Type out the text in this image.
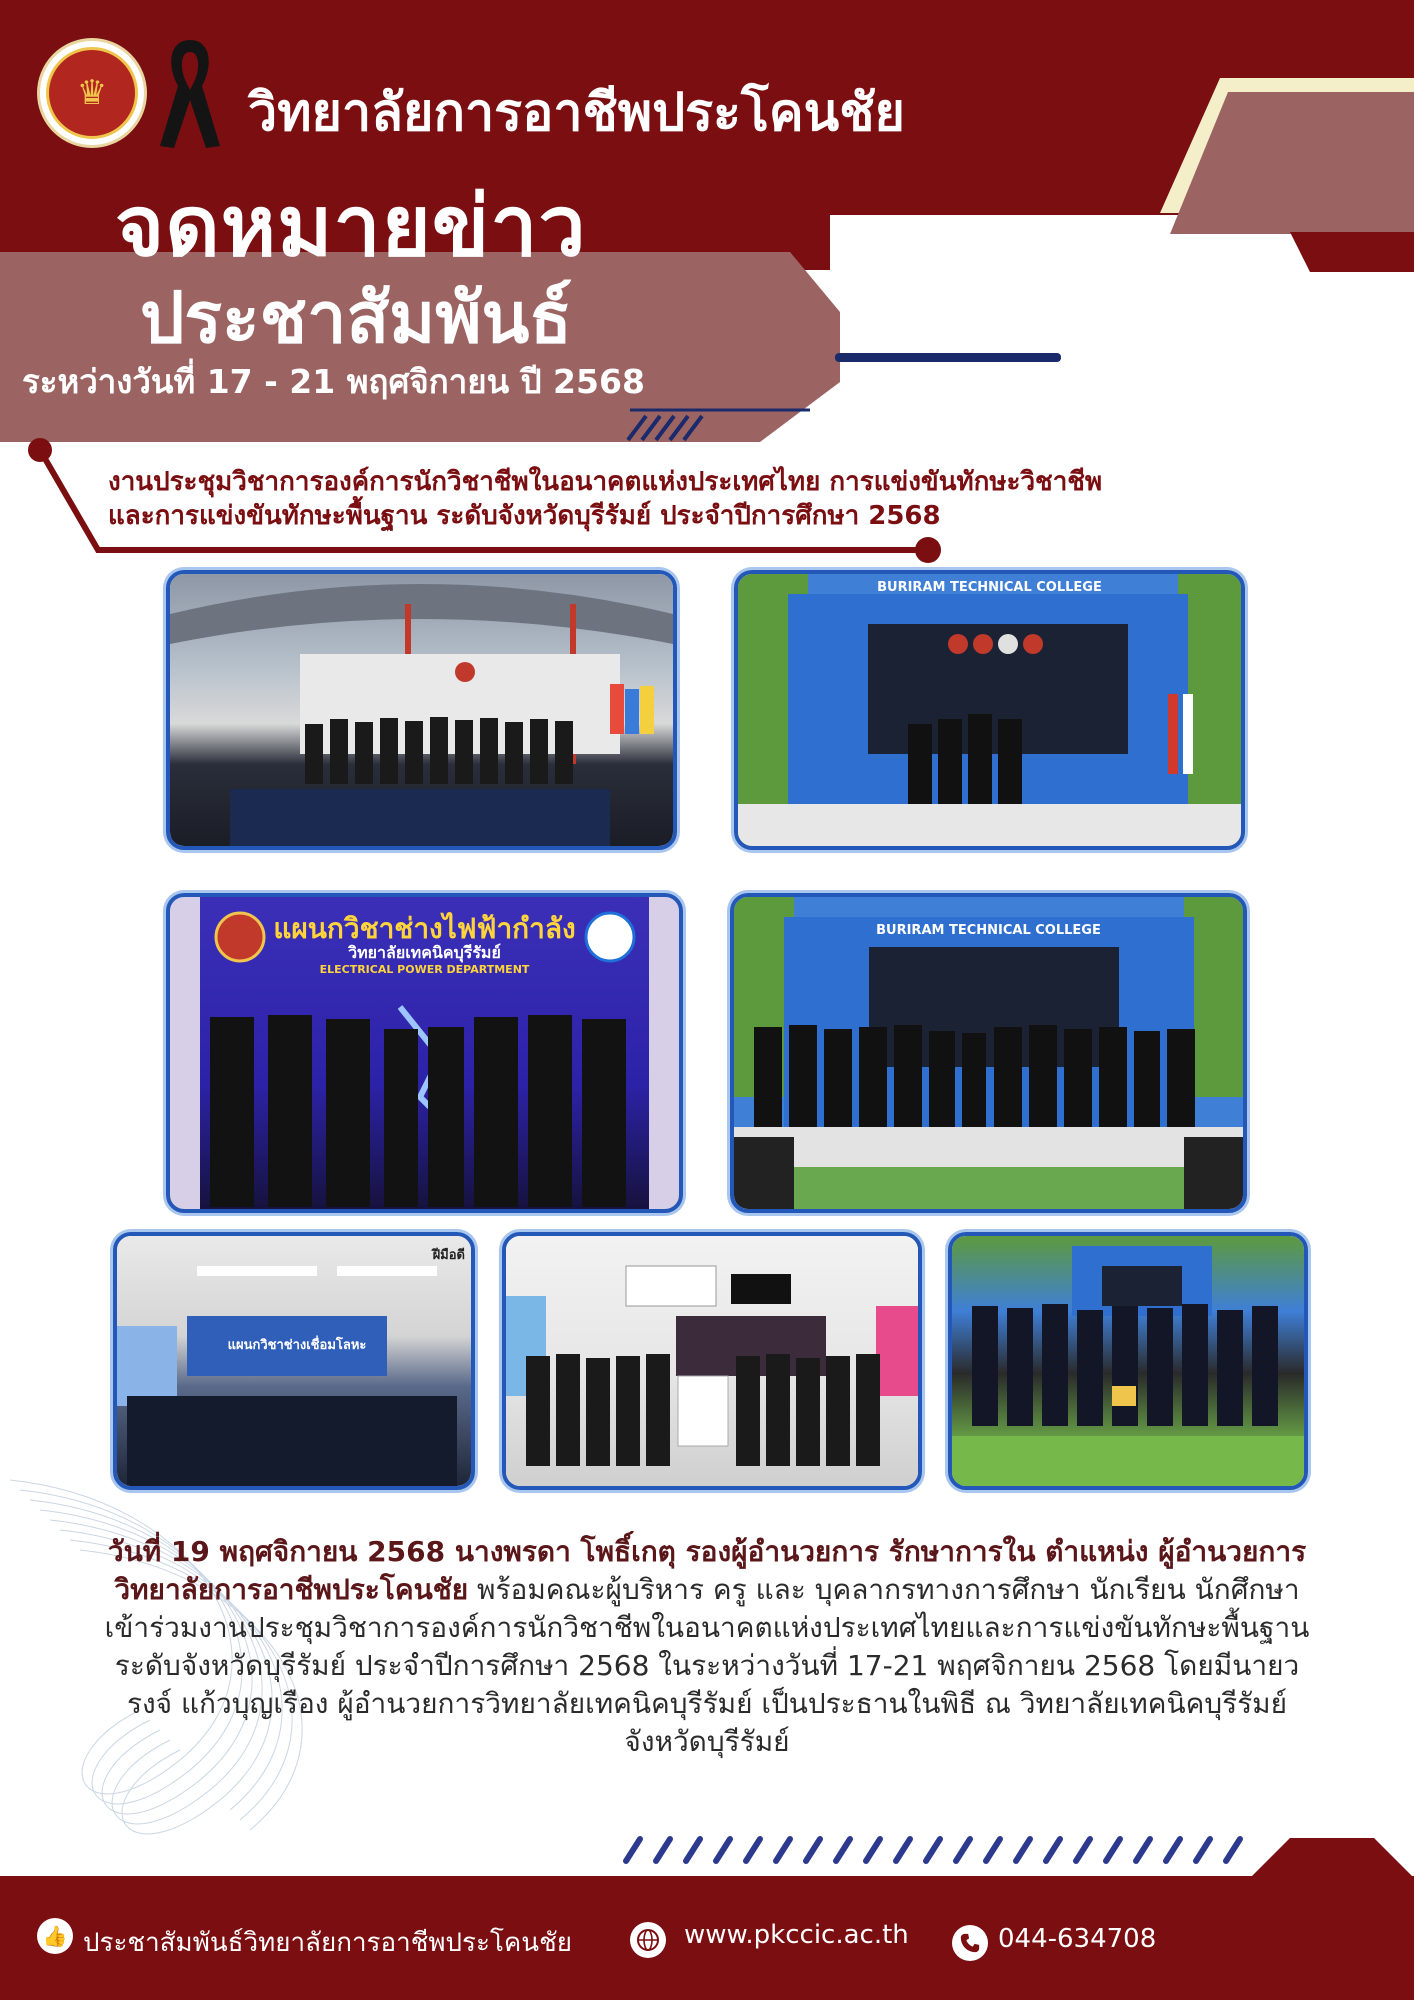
♛	วิทยาลัยการอาชีพประโคนชัย
จดหมายข่าว
ประชาสัมพันธ์
ระหว่างวันที่ 17 - 21 พฤศจิกายน ปี 2568
งานประชุมวิชาการองค์การนักวิชาชีพในอนาคตแห่งประเทศไทย การแข่งขันทักษะวิชาชีพ
และการแข่งขันทักษะพื้นฐาน ระดับจังหวัดบุรีรัมย์ ประจำปีการศึกษา 2568
BURIRAM TECHNICAL COLLEGE
แผนกวิชาช่างไฟฟ้ากำลัง
วิทยาลัยเทคนิคบุรีรัมย์
ELECTRICAL POWER DEPARTMENT
BURIRAM TECHNICAL COLLEGE
แผนกวิชาช่างเชื่อมโลหะ
ฝีมือดี
วันที่ 19 พฤศจิกายน 2568 นางพรดา โพธิ์เกตุ รองผู้อำนวยการ รักษาการใน ตำแหน่ง ผู้อำนวยการวิทยาลัยการอาชีพประโคนชัย พร้อมคณะผู้บริหาร ครู และ บุคลากรทางการศึกษา นักเรียน นักศึกษา เข้าร่วมงานประชุมวิชาการองค์การนักวิชาชีพในอนาคตแห่งประเทศไทยและการแข่งขันทักษะพื้นฐาน ระดับจังหวัดบุรีรัมย์ ประจำปีการศึกษา 2568 ในระหว่างวันที่ 17-21 พฤศจิกายน 2568 โดยมีนายวรงจ์ แก้วบุญเรือง ผู้อำนวยการวิทยาลัยเทคนิคบุรีรัมย์ เป็นประธานในพิธี ณ วิทยาลัยเทคนิคบุรีรัมย์ จังหวัดบุรีรัมย์
👍 ประชาสัมพันธ์วิทยาลัยการอาชีพประโคนชัย	www.pkccic.ac.th	044-634708
